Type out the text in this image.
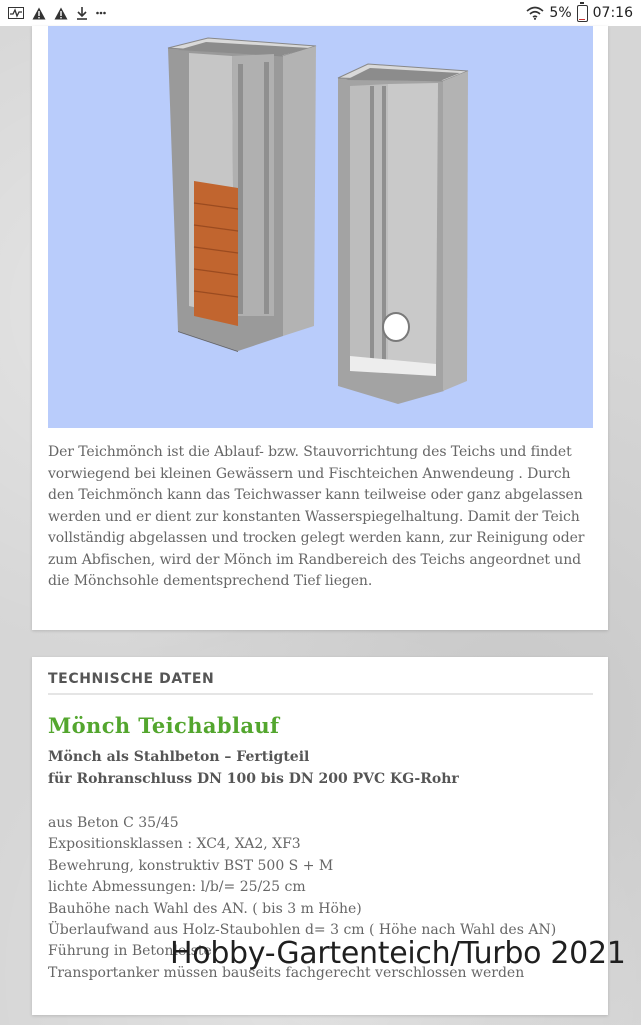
5% 07:16
Der Teichmönch ist die Ablauf- bzw. Stauvorrichtung des Teichs und findet vorwiegend bei kleinen Gewässern und Fischteichen Anwendeung . Durch den Teichmönch kann das Teichwasser kann teilweise oder ganz abgelassen werden und er dient zur konstanten Wasserspiegelhaltung. Damit der Teich vollständig abgelassen und trocken gelegt werden kann, zur Reinigung oder zum Abfischen, wird der Mönch im Randbereich des Teichs angeordnet und die Mönchsohle dementsprechend Tief liegen.
TECHNISCHE DATEN
Mönch Teichablauf
Mönch als Stahlbeton – Fertigteil
für Rohranschluss DN 100 bis DN 200 PVC KG-Rohr
aus Beton C 35/45
Expositionsklassen : XC4, XA2, XF3
Bewehrung, konstruktiv BST 500 S + M
lichte Abmessungen: l/b/= 25/25 cm
Bauhöhe nach Wahl des AN. ( bis 3 m Höhe)
Überlaufwand aus Holz-Staubohlen d= 3 cm ( Höhe nach Wahl des AN)
Führung in Betonleiste
Transportanker müssen bauseits fachgerecht verschlossen werden
Hobby-Gartenteich/Turbo 2021
